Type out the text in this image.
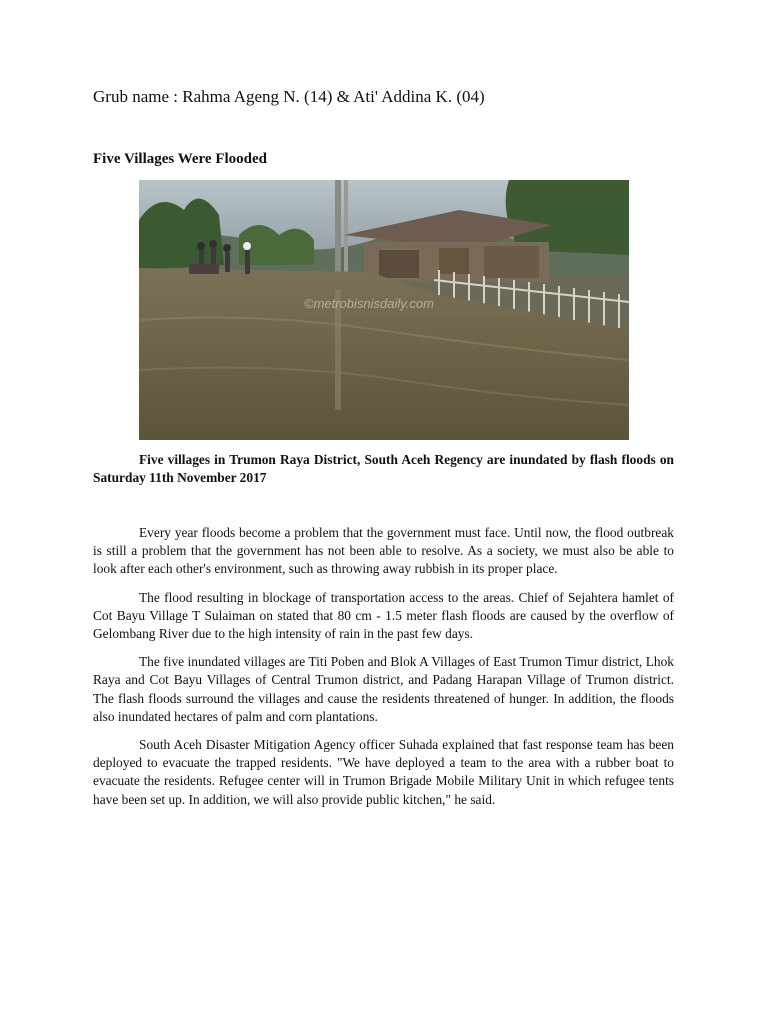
Grub name : Rahma Ageng N. (14) & Ati' Addina K. (04)
Five Villages Were Flooded
©metrobisnisdaily.com

Five villages in Trumon Raya District, South Aceh Regency are inundated by flash floods on Saturday 11th November 2017

Every year floods become a problem that the government must face. Until now, the flood outbreak is still a problem that the government has not been able to resolve. As a society, we must also be able to look after each other's environment, such as throwing away rubbish in its proper place.

The flood resulting in blockage of transportation access to the areas. Chief of Sejahtera hamlet of Cot Bayu Village T Sulaiman on stated that 80 cm - 1.5 meter flash floods are caused by the overflow of Gelombang River due to the high intensity of rain in the past few days.

The five inundated villages are Titi Poben and Blok A Villages of East Trumon Timur district, Lhok Raya and Cot Bayu Villages of Central Trumon district, and Padang Harapan Village of Trumon district. The flash floods surround the villages and cause the residents threatened of hunger. In addition, the floods also inundated hectares of palm and corn plantations.

South Aceh Disaster Mitigation Agency officer Suhada explained that fast response team has been deployed to evacuate the trapped residents. "We have deployed a team to the area with a rubber boat to evacuate the residents. Refugee center will in Trumon Brigade Mobile Military Unit in which refugee tents have been set up. In addition, we will also provide public kitchen," he said.
